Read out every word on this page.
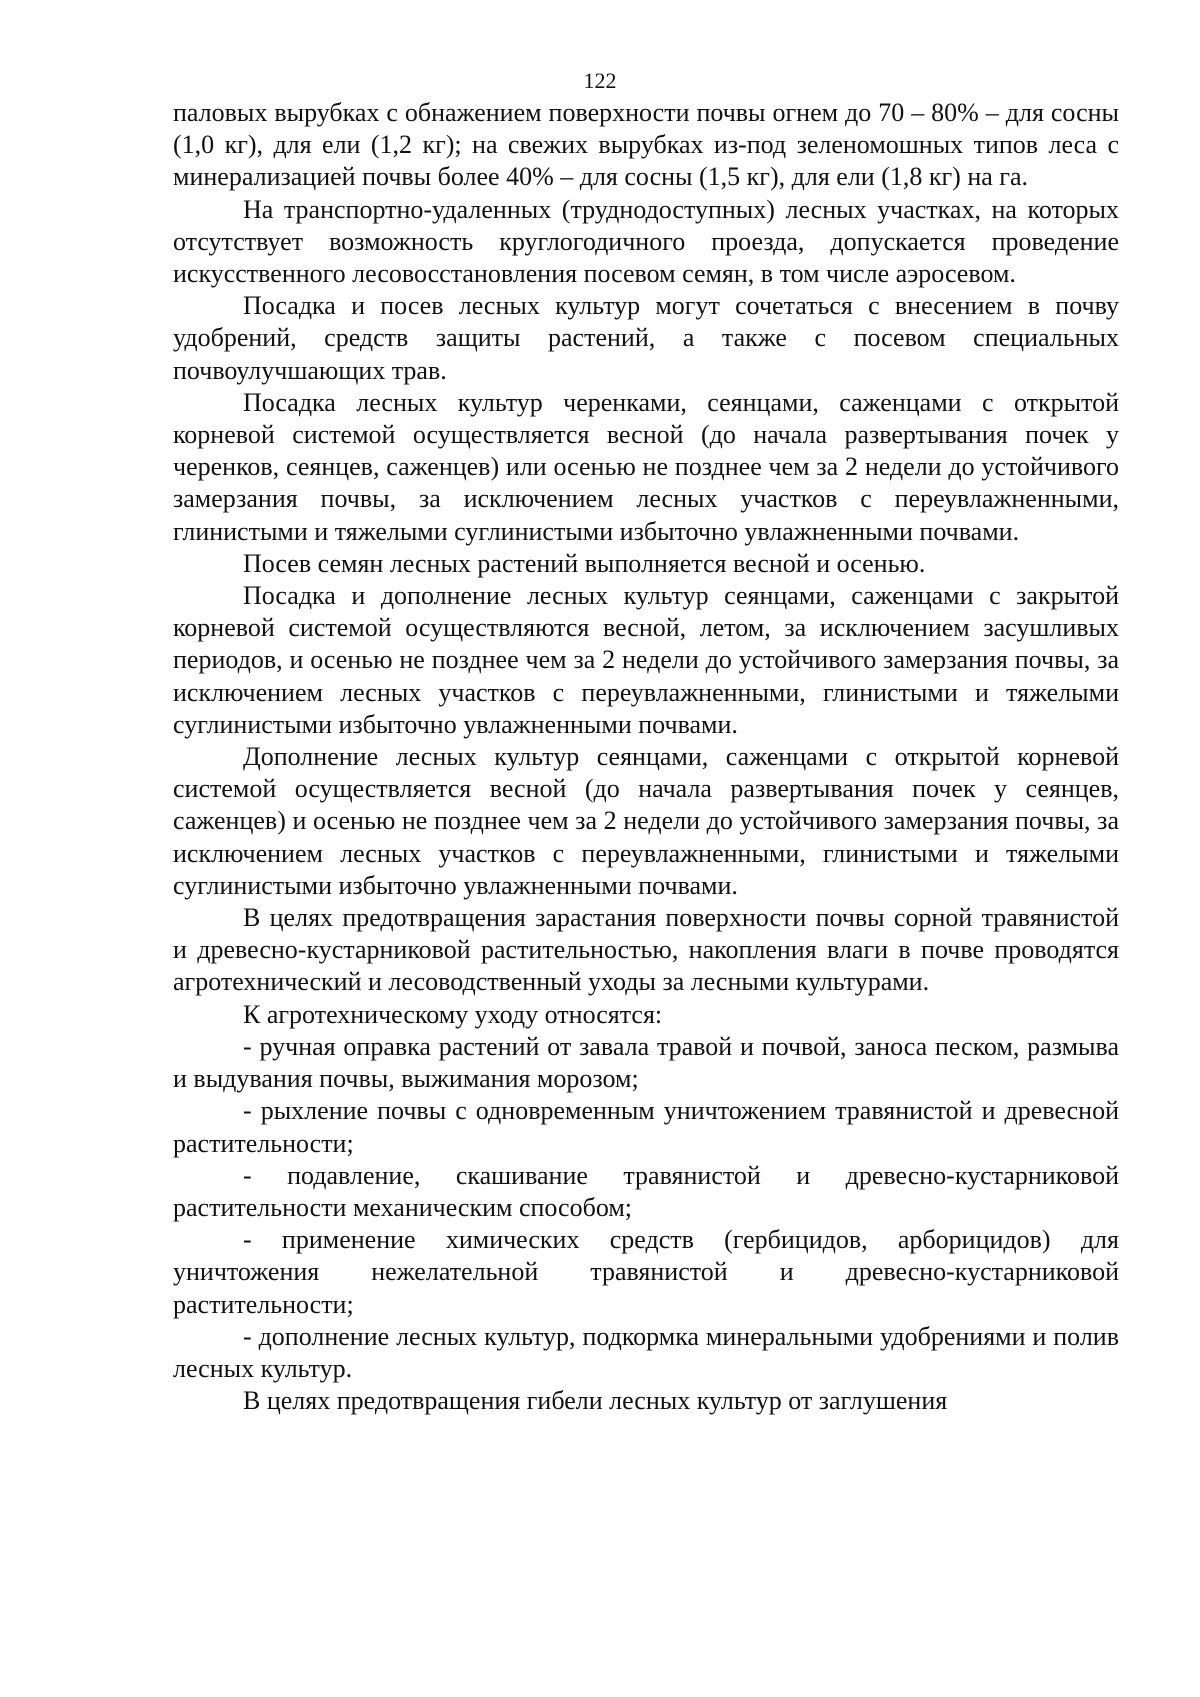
122

паловых вырубках с обнажением поверхности почвы огнем до 70 – 80% – для сосны (1,0 кг), для ели (1,2 кг); на свежих вырубках из-под зеленомошных типов леса с минерализацией почвы более 40% – для сосны (1,5 кг), для ели (1,8 кг) на га.

На транспортно-удаленных (труднодоступных) лесных участках, на которых отсутствует возможность круглогодичного проезда, допускается проведение искусственного лесовосстановления посевом семян, в том числе аэросевом.

Посадка и посев лесных культур могут сочетаться с внесением в почву удобрений, средств защиты растений, а также с посевом специальных почвоулучшающих трав.

Посадка лесных культур черенками, сеянцами, саженцами с открытой корневой системой осуществляется весной (до начала развертывания почек у черенков, сеянцев, саженцев) или осенью не позднее чем за 2 недели до устойчивого замерзания почвы, за исключением лесных участков с переувлажненными, глинистыми и тяжелыми суглинистыми избыточно увлажненными почвами.

Посев семян лесных растений выполняется весной и осенью.

Посадка и дополнение лесных культур сеянцами, саженцами с закрытой корневой системой осуществляются весной, летом, за исключением засушливых периодов, и осенью не позднее чем за 2 недели до устойчивого замерзания почвы, за исключением лесных участков с переувлажненными, глинистыми и тяжелыми суглинистыми избыточно увлажненными почвами.

Дополнение лесных культур сеянцами, саженцами с открытой корневой системой осуществляется весной (до начала развертывания почек у сеянцев, саженцев) и осенью не позднее чем за 2 недели до устойчивого замерзания почвы, за исключением лесных участков с переувлажненными, глинистыми и тяжелыми суглинистыми избыточно увлажненными почвами.

В целях предотвращения зарастания поверхности почвы сорной травянистой и древесно-кустарниковой растительностью, накопления влаги в почве проводятся агротехнический и лесоводственный уходы за лесными культурами.

К агротехническому уходу относятся:

- ручная оправка растений от завала травой и почвой, заноса песком, размыва и выдувания почвы, выжимания морозом;

- рыхление почвы с одновременным уничтожением травянистой и древесной растительности;

- подавление, скашивание травянистой и древесно-кустарниковой растительности механическим способом;

- применение химических средств (гербицидов, арборицидов) для уничтожения нежелательной травянистой и древесно-кустарниковой растительности;

- дополнение лесных культур, подкормка минеральными удобрениями и полив лесных культур.

В целях предотвращения гибели лесных культур от заглушения
